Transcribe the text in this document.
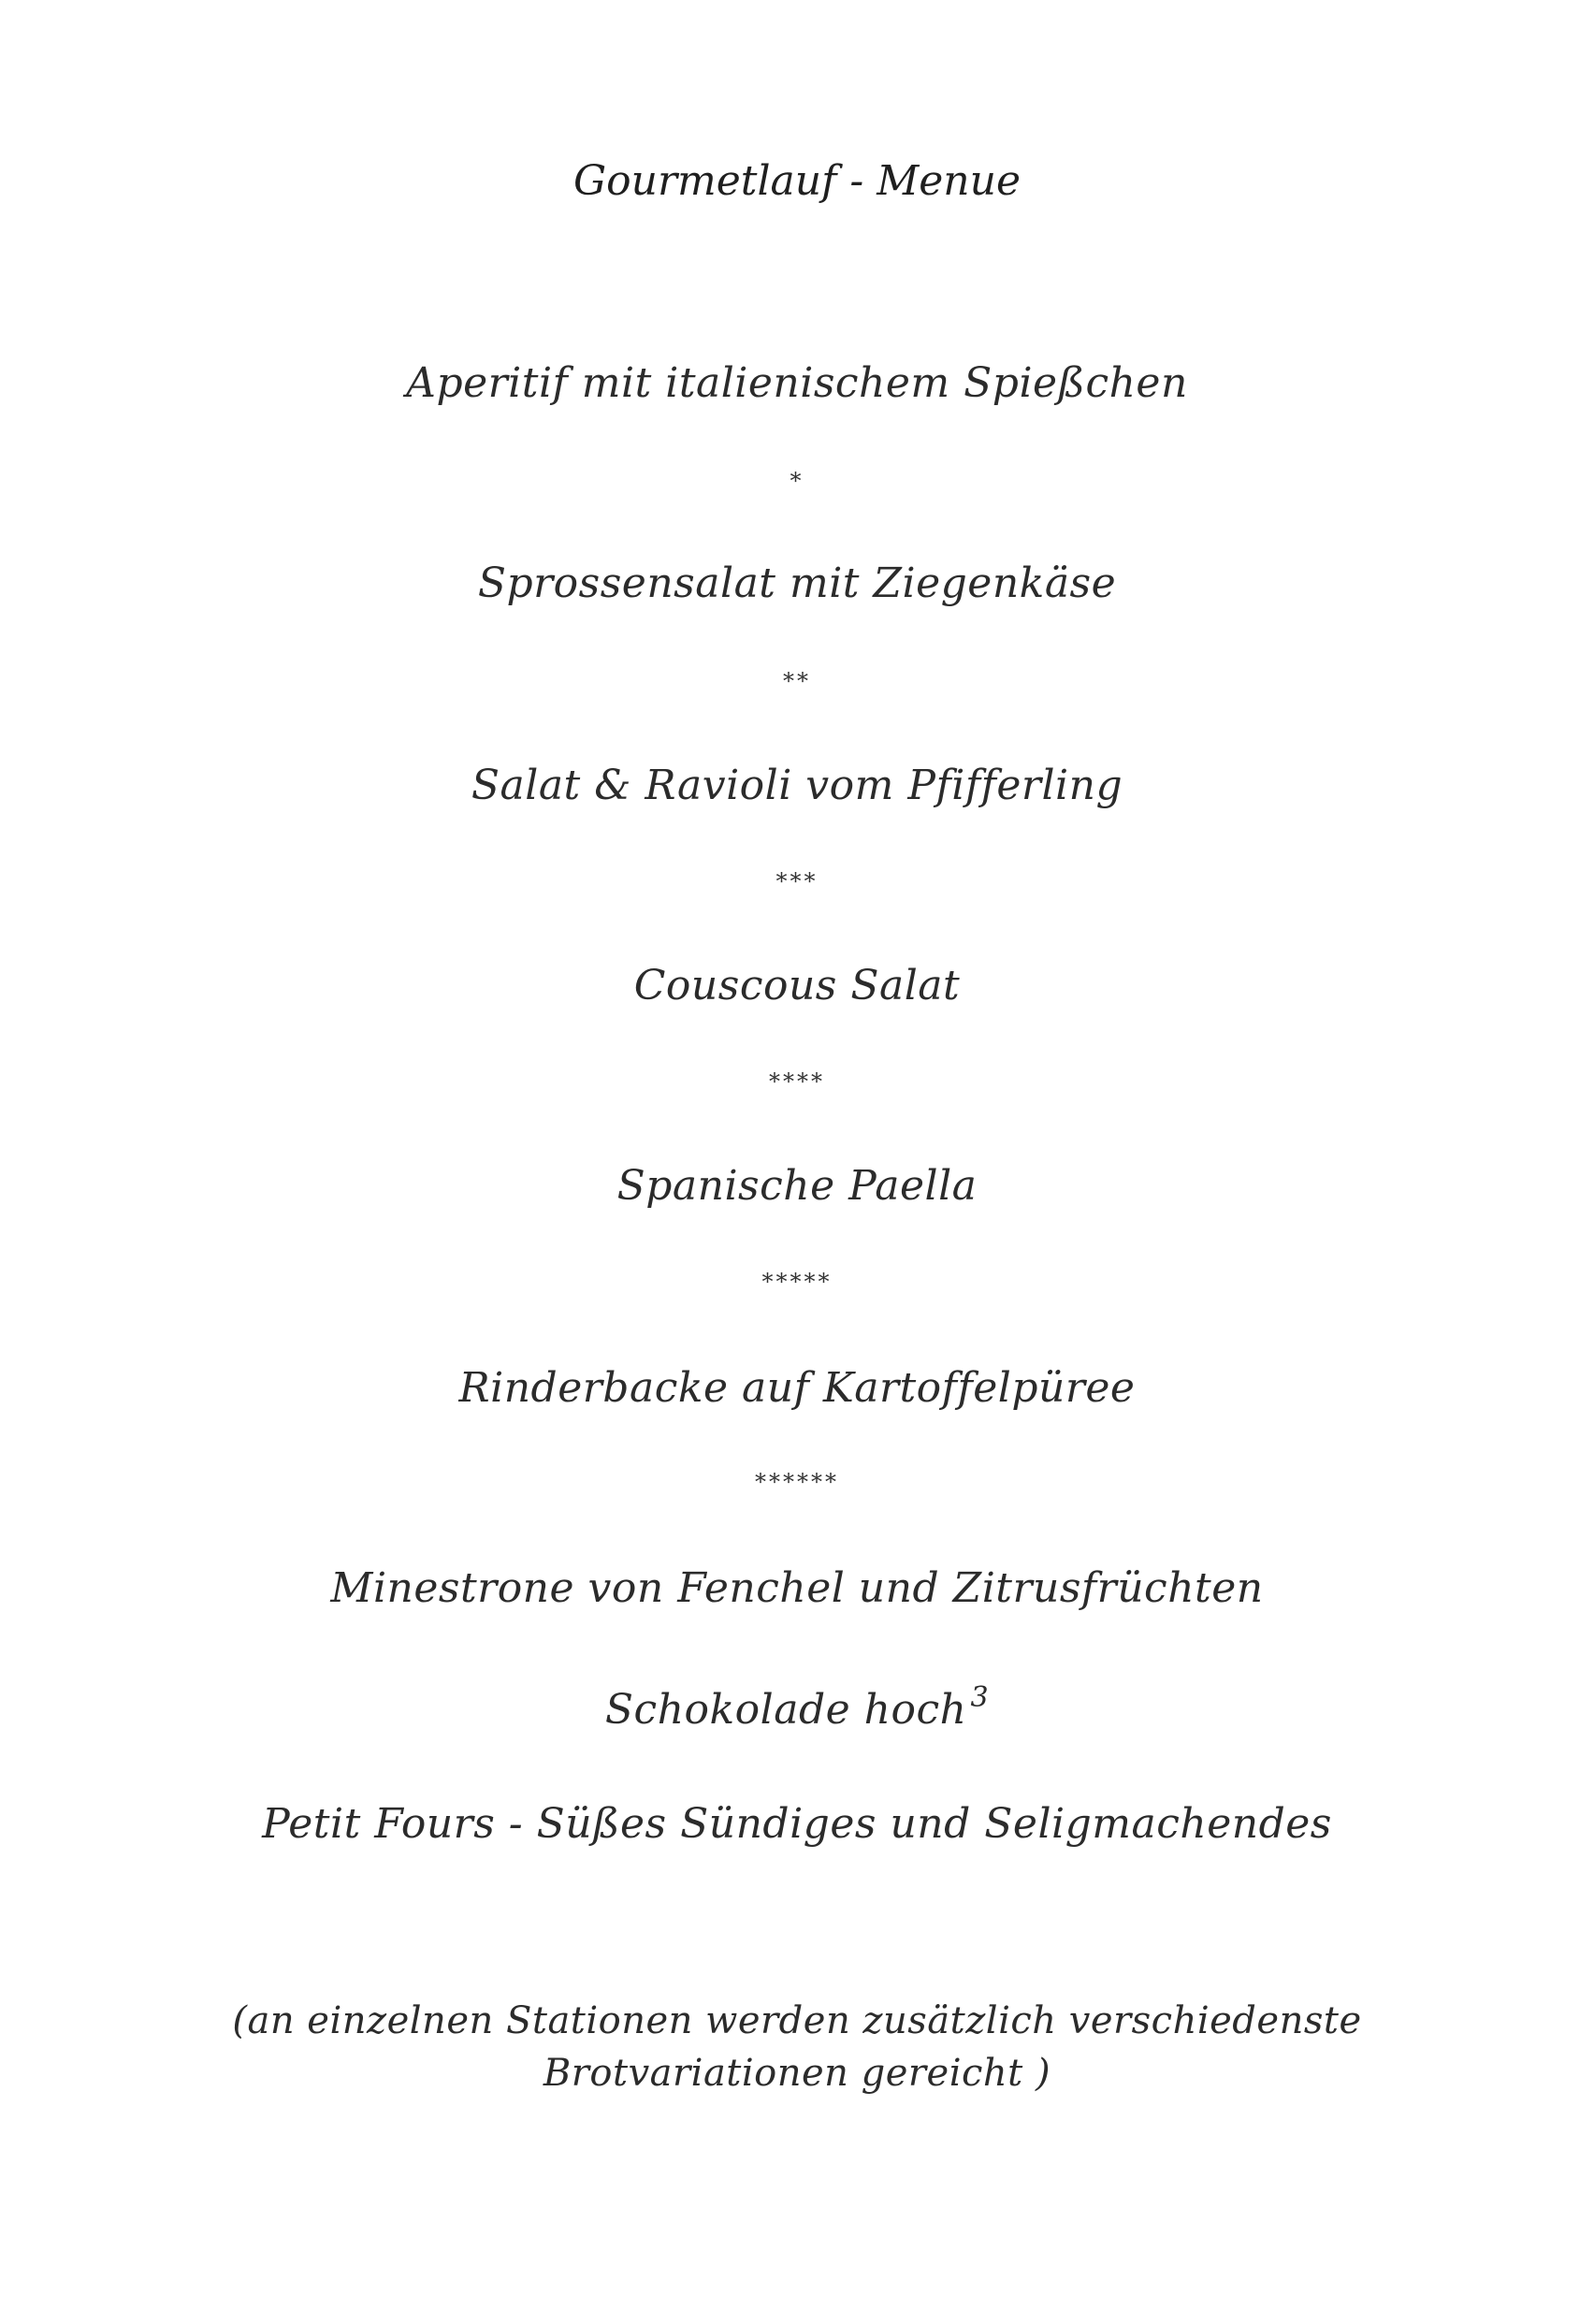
Gourmetlauf - Menue
Aperitif mit italienischem Spießchen
*
Sprossensalat mit Ziegenkäse
**
Salat & Ravioli vom Pfifferling
***
Couscous Salat
****
Spanische Paella
*****
Rinderbacke auf Kartoffelpüree
******
Minestrone von Fenchel und Zitrusfrüchten
Schokolade hoch $^3$
Petit Fours - Süßes Sündiges und Seligmachendes
(an einzelnen Stationen werden zusätzlich verschiedenste
Brotvariationen gereicht )
